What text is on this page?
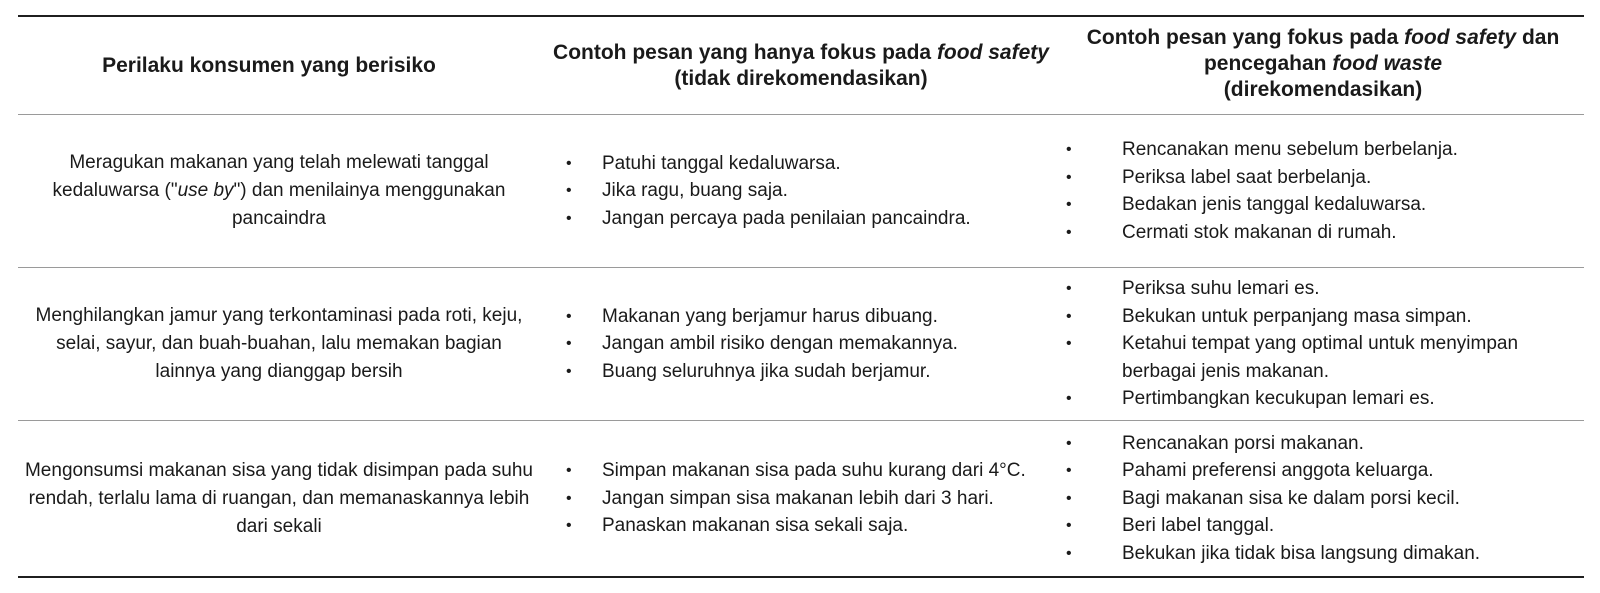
Perilaku konsumen yang berisiko
Contoh pesan yang hanya fokus pada food safety (tidak direkomendasikan)
Contoh pesan yang fokus pada food safety dan pencegahan food waste
(direkomendasikan)
Meragukan makanan yang telah melewati tanggal kedaluwarsa ("use by") dan menilainya menggunakan pancaindra
• Patuhi tanggal kedaluwarsa.
• Jika ragu, buang saja.
• Jangan percaya pada penilaian pancaindra.
• Rencanakan menu sebelum berbelanja.
• Periksa label saat berbelanja.
• Bedakan jenis tanggal kedaluwarsa.
• Cermati stok makanan di rumah.
Menghilangkan jamur yang terkontaminasi pada roti, keju, selai, sayur, dan buah-buahan, lalu memakan bagian lainnya yang dianggap bersih
• Makanan yang berjamur harus dibuang.
• Jangan ambil risiko dengan memakannya.
• Buang seluruhnya jika sudah berjamur.
• Periksa suhu lemari es.
• Bekukan untuk perpanjang masa simpan.
• Ketahui tempat yang optimal untuk menyimpan berbagai jenis makanan.
• Pertimbangkan kecukupan lemari es.
Mengonsumsi makanan sisa yang tidak disimpan pada suhu rendah, terlalu lama di ruangan, dan memanaskannya lebih dari sekali
• Simpan makanan sisa pada suhu kurang dari 4°C.
• Jangan simpan sisa makanan lebih dari 3 hari.
• Panaskan makanan sisa sekali saja.
• Rencanakan porsi makanan.
• Pahami preferensi anggota keluarga.
• Bagi makanan sisa ke dalam porsi kecil.
• Beri label tanggal.
• Bekukan jika tidak bisa langsung dimakan.
